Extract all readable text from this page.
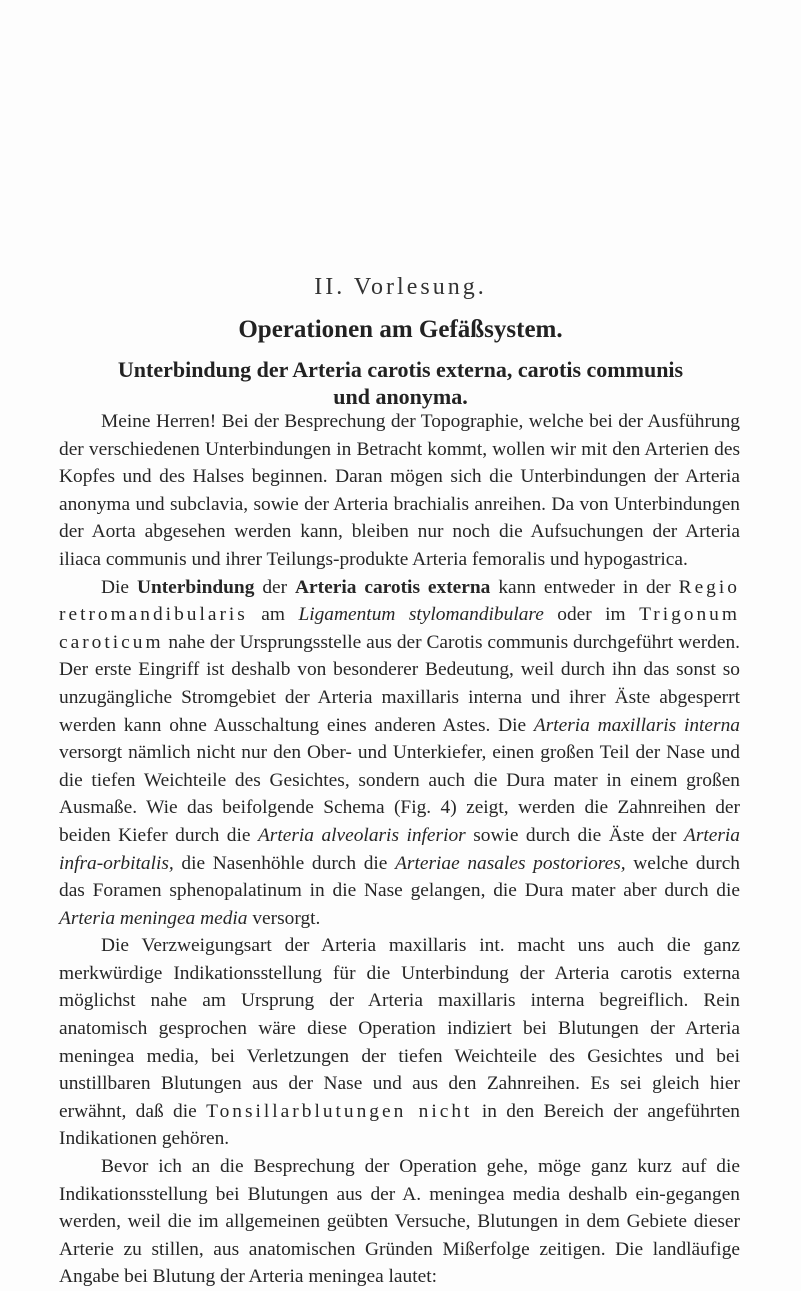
II. Vorlesung.
Operationen am Gefäßsystem.
Unterbindung der Arteria carotis externa, carotis communis
und anonyma.

Meine Herren! Bei der Besprechung der Topographie, welche bei der Ausführung der verschiedenen Unterbindungen in Betracht kommt, wollen wir mit den Arterien des Kopfes und des Halses beginnen. Daran mögen sich die Unterbindungen der Arteria anonyma und subclavia, sowie der Arteria brachialis anreihen. Da von Unterbindungen der Aorta abgesehen werden kann, bleiben nur noch die Aufsuchungen der Arteria iliaca communis und ihrer Teilungs-produkte Arteria femoralis und hypogastrica.

Die Unterbindung der Arteria carotis externa kann entweder in der Regio retromandibularis am Ligamentum stylomandibulare oder im Trigonum caroticum nahe der Ursprungsstelle aus der Carotis communis durchgeführt werden. Der erste Eingriff ist deshalb von besonderer Bedeutung, weil durch ihn das sonst so unzugängliche Stromgebiet der Arteria maxillaris interna und ihrer Äste abgesperrt werden kann ohne Ausschaltung eines anderen Astes. Die Arteria maxillaris interna versorgt nämlich nicht nur den Ober- und Unterkiefer, einen großen Teil der Nase und die tiefen Weichteile des Gesichtes, sondern auch die Dura mater in einem großen Ausmaße. Wie das beifolgende Schema (Fig. 4) zeigt, werden die Zahnreihen der beiden Kiefer durch die Arteria alveolaris inferior sowie durch die Äste der Arteria infra-orbitalis, die Nasenhöhle durch die Arteriae nasales postoriores, welche durch das Foramen sphenopalatinum in die Nase gelangen, die Dura mater aber durch die Arteria meningea media versorgt.

Die Verzweigungsart der Arteria maxillaris int. macht uns auch die ganz merkwürdige Indikationsstellung für die Unterbindung der Arteria carotis externa möglichst nahe am Ursprung der Arteria maxillaris interna begreiflich. Rein anatomisch gesprochen wäre diese Operation indiziert bei Blutungen der Arteria meningea media, bei Verletzungen der tiefen Weichteile des Gesichtes und bei unstillbaren Blutungen aus der Nase und aus den Zahnreihen. Es sei gleich hier erwähnt, daß die Tonsillarblutungen nicht in den Bereich der angeführten Indikationen gehören.

Bevor ich an die Besprechung der Operation gehe, möge ganz kurz auf die Indikationsstellung bei Blutungen aus der A. meningea media deshalb ein-gegangen werden, weil die im allgemeinen geübten Versuche, Blutungen in dem Gebiete dieser Arterie zu stillen, aus anatomischen Gründen Mißerfolge zeitigen. Die landläufige Angabe bei Blutung der Arteria meningea lautet:
